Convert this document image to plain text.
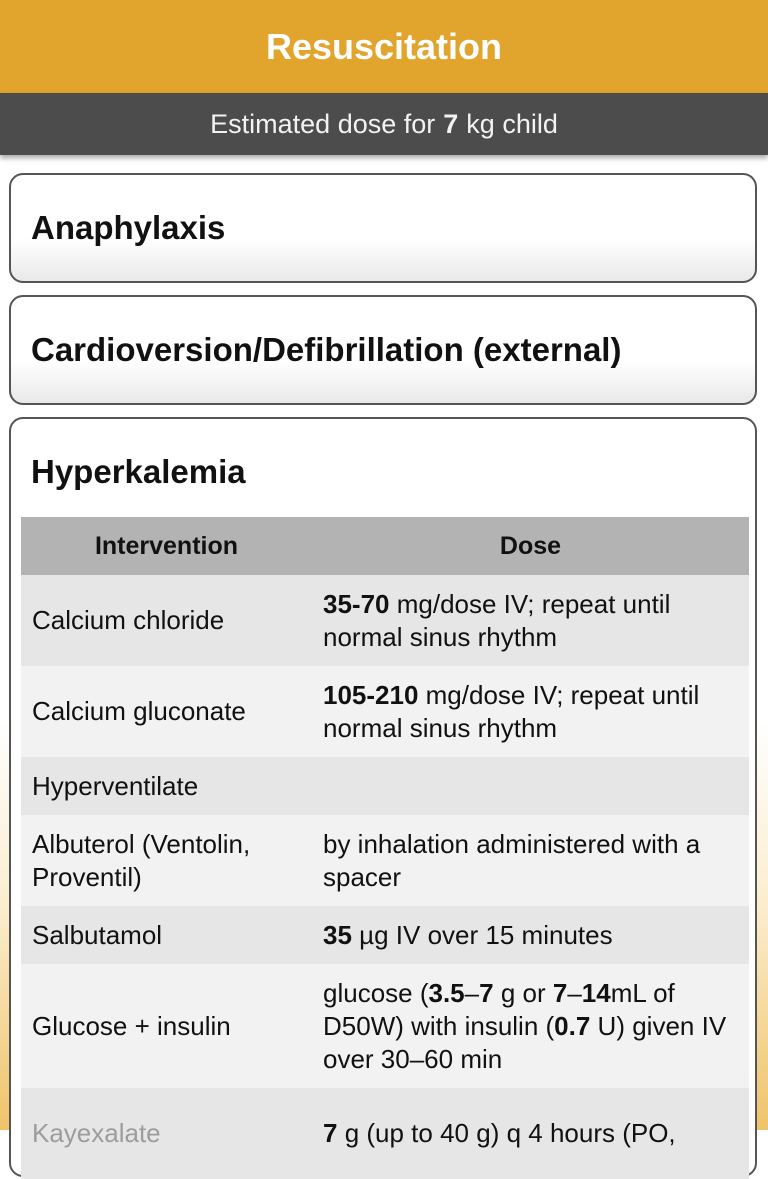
Resuscitation
Estimated dose for 7 kg child
Anaphylaxis
Cardioversion/Defibrillation (external)
Hyperkalemia
Intervention	Dose
Calcium chloride	35-70 mg/dose IV; repeat until normal sinus rhythm
Calcium gluconate	105-210 mg/dose IV; repeat until normal sinus rhythm
Hyperventilate	
Albuterol (Ventolin, Proventil)	by inhalation administered with a spacer
Salbutamol	35 µg IV over 15 minutes
Glucose + insulin	glucose (3.5–7 g or 7–14mL of D50W) with insulin (0.7 U) given IV over 30–60 min
Kayexalate	7 g (up to 40 g) q 4 hours (PO,
